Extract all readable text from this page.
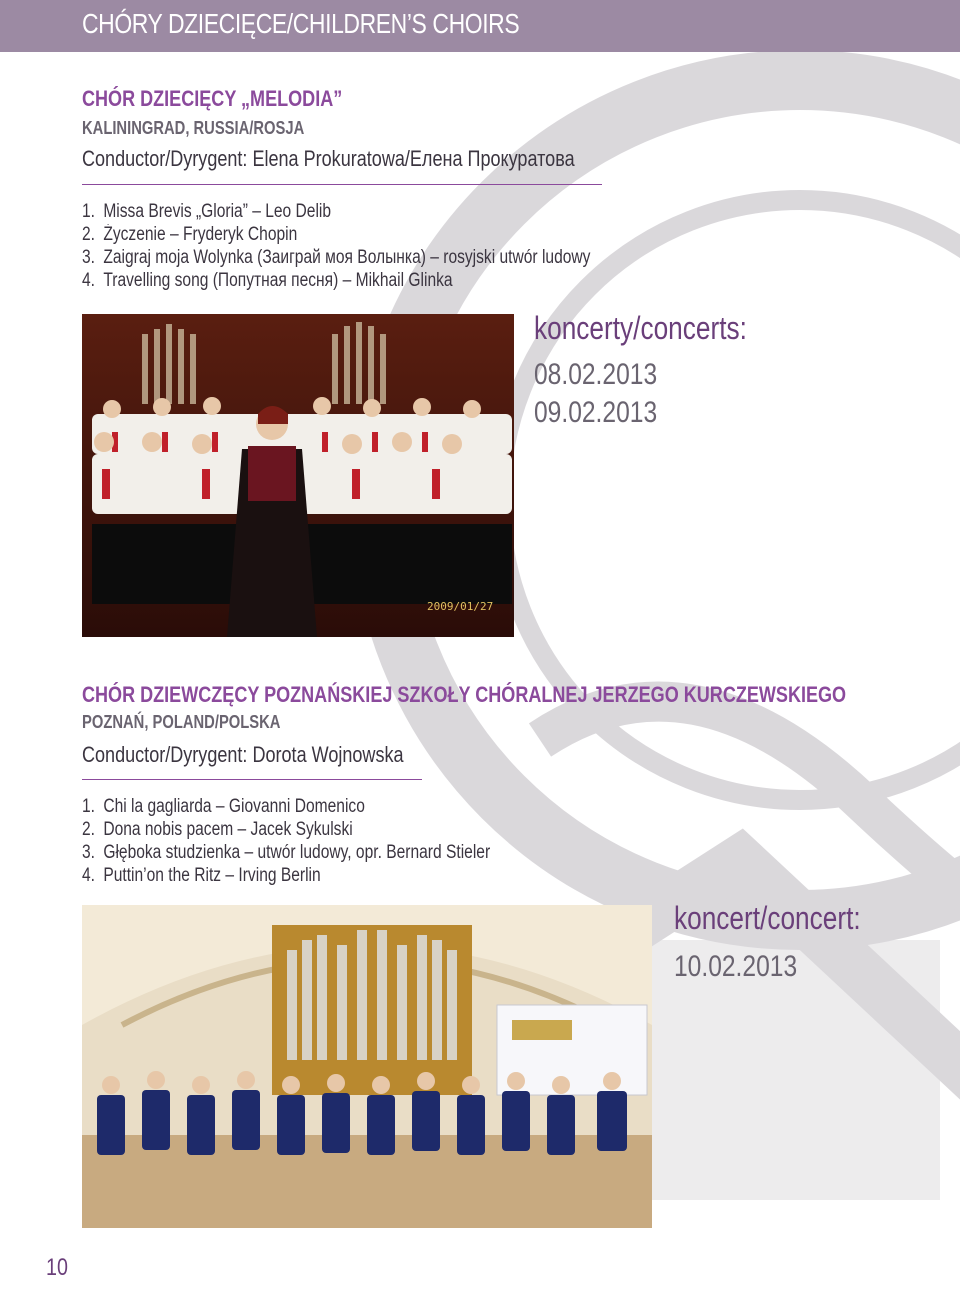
CHÓRY DZIECIĘCE/CHILDREN’S CHOIRS
CHÓR DZIECIĘCY „MELODIA”
KALININGRAD, RUSSIA/ROSJA
Conductor/Dyrygent: Elena Prokuratowa/Елена Прокуратова
1. Missa Brevis „Gloria” – Leo Delib
2. Życzenie – Fryderyk Chopin
3. Zaigraj moja Wolynka (Заиграй моя Волынка) – rosyjski utwór ludowy
4. Travelling song (Попутная песня) – Mikhail Glinka
2009/01/27
koncerty/concerts:
08.02.2013
09.02.2013
CHÓR DZIEWCZĘCY POZNAŃSKIEJ SZKOŁY CHÓRALNEJ JERZEGO KURCZEWSKIEGO
POZNAŃ, POLAND/POLSKA
Conductor/Dyrygent: Dorota Wojnowska
1. Chi la gagliarda – Giovanni Domenico
2. Dona nobis pacem – Jacek Sykulski
3. Głęboka studzienka – utwór ludowy, opr. Bernard Stieler
4. Puttin’on the Ritz – Irving Berlin
koncert/concert:
10.02.2013
10
